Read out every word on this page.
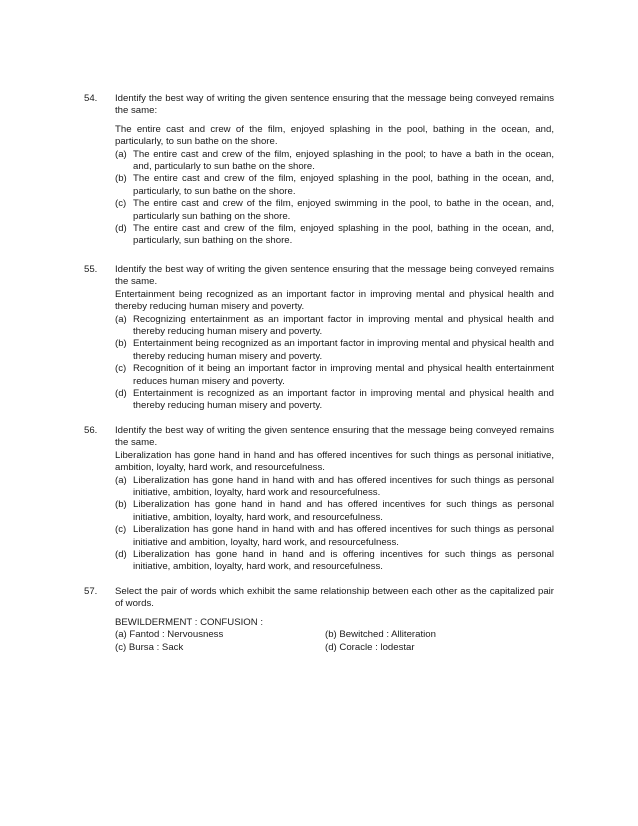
54.	Identify the best way of writing the given sentence ensuring that the message being conveyed remains the same:
The entire cast and crew of the film, enjoyed splashing in the pool, bathing in the ocean, and, particularly, to sun bathe on the shore.
(a) The entire cast and crew of the film, enjoyed splashing in the pool; to have a bath in the ocean, and, particularly to sun bathe on the shore.
(b) The entire cast and crew of the film, enjoyed splashing in the pool, bathing in the ocean, and, particularly, to sun bathe on the shore.
(c) The entire cast and crew of the film, enjoyed swimming in the pool, to bathe in the ocean, and, particularly sun bathing on the shore.
(d) The entire cast and crew of the film, enjoyed splashing in the pool, bathing in the ocean, and, particularly, sun bathing on the shore.
55.	Identify the best way of writing the given sentence ensuring that the message being conveyed remains the same.
Entertainment being recognized as an important factor in improving mental and physical health and thereby reducing human misery and poverty.
(a) Recognizing entertainment as an important factor in improving mental and physical health and thereby reducing human misery and poverty.
(b) Entertainment being recognized as an important factor in improving mental and physical health and thereby reducing human misery and poverty.
(c) Recognition of it being an important factor in improving mental and physical health entertainment reduces human misery and poverty.
(d) Entertainment is recognized as an important factor in improving mental and physical health and thereby reducing human misery and poverty.
56.	Identify the best way of writing the given sentence ensuring that the message being conveyed remains the same.
Liberalization has gone hand in hand and has offered incentives for such things as personal initiative, ambition, loyalty, hard work, and resourcefulness.
(a) Liberalization has gone hand in hand with and has offered incentives for such things as personal initiative, ambition, loyalty, hard work and resourcefulness.
(b) Liberalization has gone hand in hand and has offered incentives for such things as personal initiative, ambition, loyalty, hard work, and resourcefulness.
(c) Liberalization has gone hand in hand with and has offered incentives for such things as personal initiative and ambition, loyalty, hard work, and resourcefulness.
(d) Liberalization has gone hand in hand and is offering incentives for such things as personal initiative, ambition, loyalty, hard work, and resourcefulness.
57.	Select the pair of words which exhibit the same relationship between each other as the capitalized pair of words.
BEWILDERMENT : CONFUSION :
(a) Fantod : Nervousness	(b) Bewitched : Alliteration
(c) Bursa : Sack	(d) Coracle : lodestar
